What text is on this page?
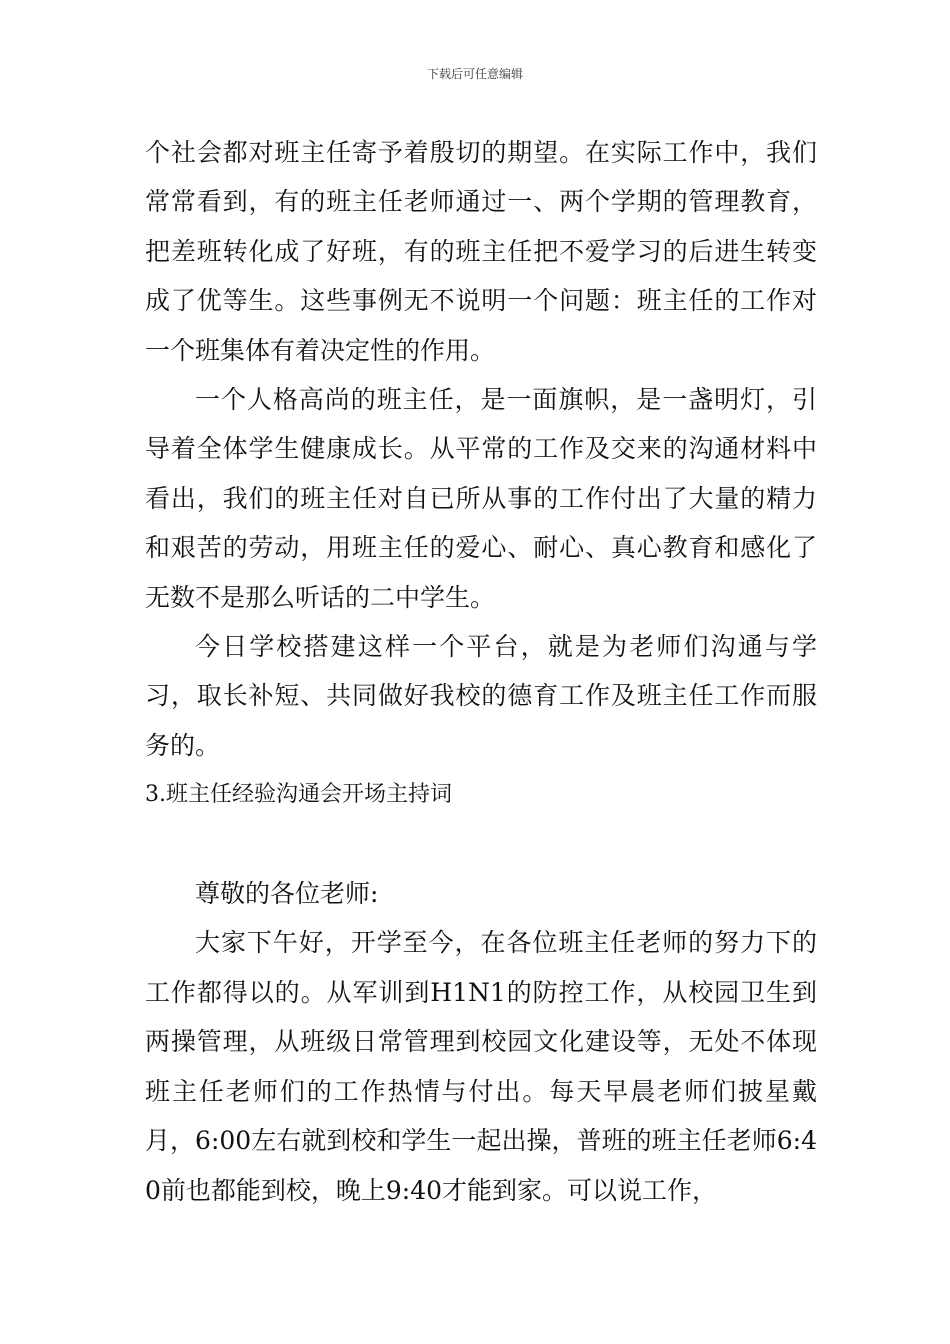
下载后可任意编辑

个社会都对班主任寄予着殷切的期望。在实际工作中，我们常常看到，有的班主任老师通过一、两个学期的管理教育，把差班转化成了好班，有的班主任把不爱学习的后进生转变成了优等生。这些事例无不说明一个问题：班主任的工作对一个班集体有着决定性的作用。

一个人格高尚的班主任，是一面旗帜，是一盏明灯，引导着全体学生健康成长。从平常的工作及交来的沟通材料中看出，我们的班主任对自已所从事的工作付出了大量的精力和艰苦的劳动，用班主任的爱心、耐心、真心教育和感化了无数不是那么听话的二中学生。

今日学校搭建这样一个平台，就是为老师们沟通与学习，取长补短、共同做好我校的德育工作及班主任工作而服务的。

3.班主任经验沟通会开场主持词

尊敬的各位老师:

大家下午好，开学至今，在各位班主任老师的努力下的工作都得以的。从军训到H1N1的防控工作，从校园卫生到两操管理，从班级日常管理到校园文化建设等，无处不体现班主任老师们的工作热情与付出。每天早晨老师们披星戴月，6:00左右就到校和学生一起出操，普班的班主任老师6:40前也都能到校，晚上9:40才能到家。可以说工作，
